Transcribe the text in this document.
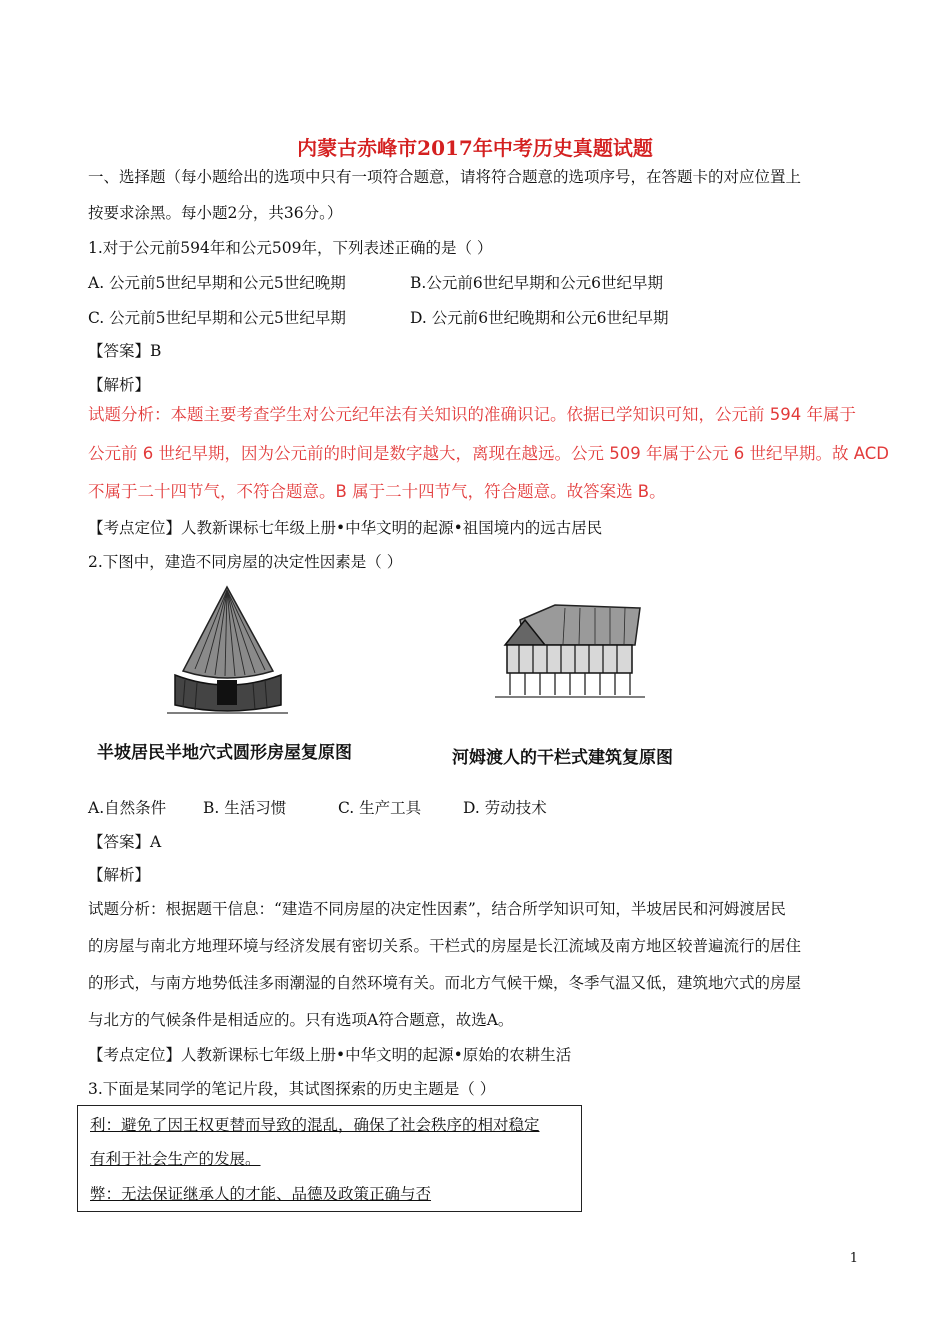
内蒙古赤峰市2017年中考历史真题试题
一、选择题（每小题给出的选项中只有一项符合题意，请将符合题意的选项序号，在答题卡的对应位置上
按要求涂黑。每小题2分，共36分。）
1.对于公元前594年和公元509年，下列表述正确的是（ ）
A. 公元前5世纪早期和公元5世纪晚期	B.公元前6世纪早期和公元6世纪早期
C. 公元前5世纪早期和公元5世纪早期	D. 公元前6世纪晚期和公元6世纪早期
【答案】B
【解析】
试题分析：本题主要考查学生对公元纪年法有关知识的准确识记。依据已学知识可知，公元前 594 年属于
公元前 6 世纪早期，因为公元前的时间是数字越大，离现在越远。公元 509 年属于公元 6 世纪早期。故 ACD
不属于二十四节气，不符合题意。B 属于二十四节气，符合题意。故答案选 B。
【考点定位】人教新课标七年级上册•中华文明的起源•祖国境内的远古居民
2.下图中，建造不同房屋的决定性因素是（ ）
半坡居民半地穴式圆形房屋复原图	河姆渡人的干栏式建筑复原图
A.自然条件 B. 生活习惯	C. 生产工具	D. 劳动技术
【答案】A
【解析】
试题分析：根据题干信息：“建造不同房屋的决定性因素”，结合所学知识可知，半坡居民和河姆渡居民
的房屋与南北方地理环境与经济发展有密切关系。干栏式的房屋是长江流域及南方地区较普遍流行的居住
的形式，与南方地势低洼多雨潮湿的自然环境有关。而北方气候干燥，冬季气温又低，建筑地穴式的房屋
与北方的气候条件是相适应的。只有选项A符合题意，故选A。
【考点定位】人教新课标七年级上册•中华文明的起源•原始的农耕生活
3.下面是某同学的笔记片段，其试图探索的历史主题是（ ）
利：避免了因王权更替而导致的混乱，确保了社会秩序的相对稳定
有利于社会生产的发展。
弊：无法保证继承人的才能、品德及政策正确与否
1
